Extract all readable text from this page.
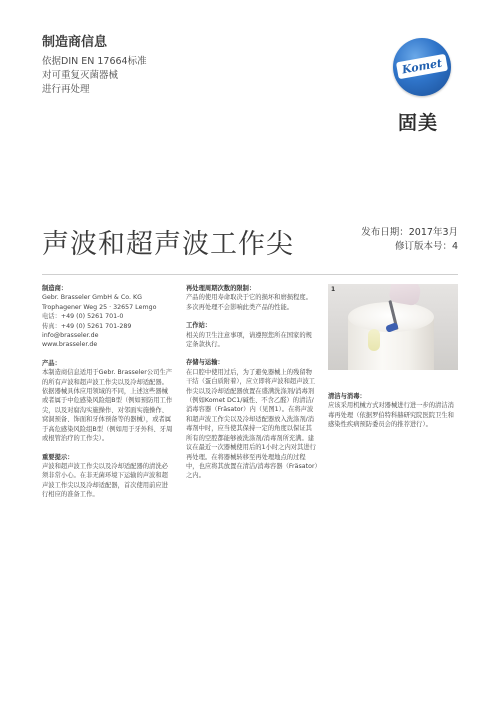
制造商信息
依据DIN EN 17664标准
对可重复灭菌器械
进行再处理
Komet
固美
声波和超声波工作尖	发布日期：2017年3月
修订版本号：4

制造商：

Gebr. Brasseler GmbH & Co. KG

Trophagener Weg 25 · 32657 Lemgo

电话：+49 (0) 5261 701-0

传真：+49 (0) 5261 701-289

info@brasseler.de

www.brasseler.de

产品：

本制造商信息适用于Gebr. Brasseler公司生产的所有声波和超声波工作尖以及冷却适配器。依据器械具体应用领域的不同，上述这些器械或者属于中危感染风险组B型（例如预防用工作尖，以及对腐沟实施操作、对邻面实施操作、窝洞预备、饰面和牙体预备等的器械），或者属于高危感染风险组B型（例如用于牙外科、牙周或根管治疗的工作尖）。

重要提示：

声波和超声波工作尖以及冷却适配器的清洗必须非常小心。在非无菌环境下运输的声波和超声波工作尖以及冷却适配器，首次使用前应进行相应的准备工作。

再处理周期次数的限制：

产品的使用寿命取决于它的损坏和磨损程度。多次再处理不会影响此类产品的性能。

工作站：

相关的卫生注意事项，请遵照您所在国家的规定条款执行。

存储与运输：

在口腔中使用过后，为了避免器械上的残留物干结（蛋白质附着），应立即将声波和超声波工作尖以及冷却适配器放置在盛满洗涤剂/消毒剂（例如Komet DC1/碱性、不含乙醛）的清洁/消毒容器（Fräsator）内（见图1）。在将声波和超声波工作尖以及冷却适配器放入洗涤剂/消毒剂中时，应当使其保持一定的角度以保证其所有的空腔都能够被洗涤剂/消毒剂所充满。建议在最近一次器械使用后的1小时之内对其进行再处理。在将器械转移至再处理地点的过程中，也应将其放置在清洁/消毒容器（Fräsator）之内。

1

清洁与消毒：

应该采用机械方式对器械进行进一步的清洁消毒再处理（依据罗伯特科赫研究院医院卫生和感染性疾病预防委员会的推荐进行）。
